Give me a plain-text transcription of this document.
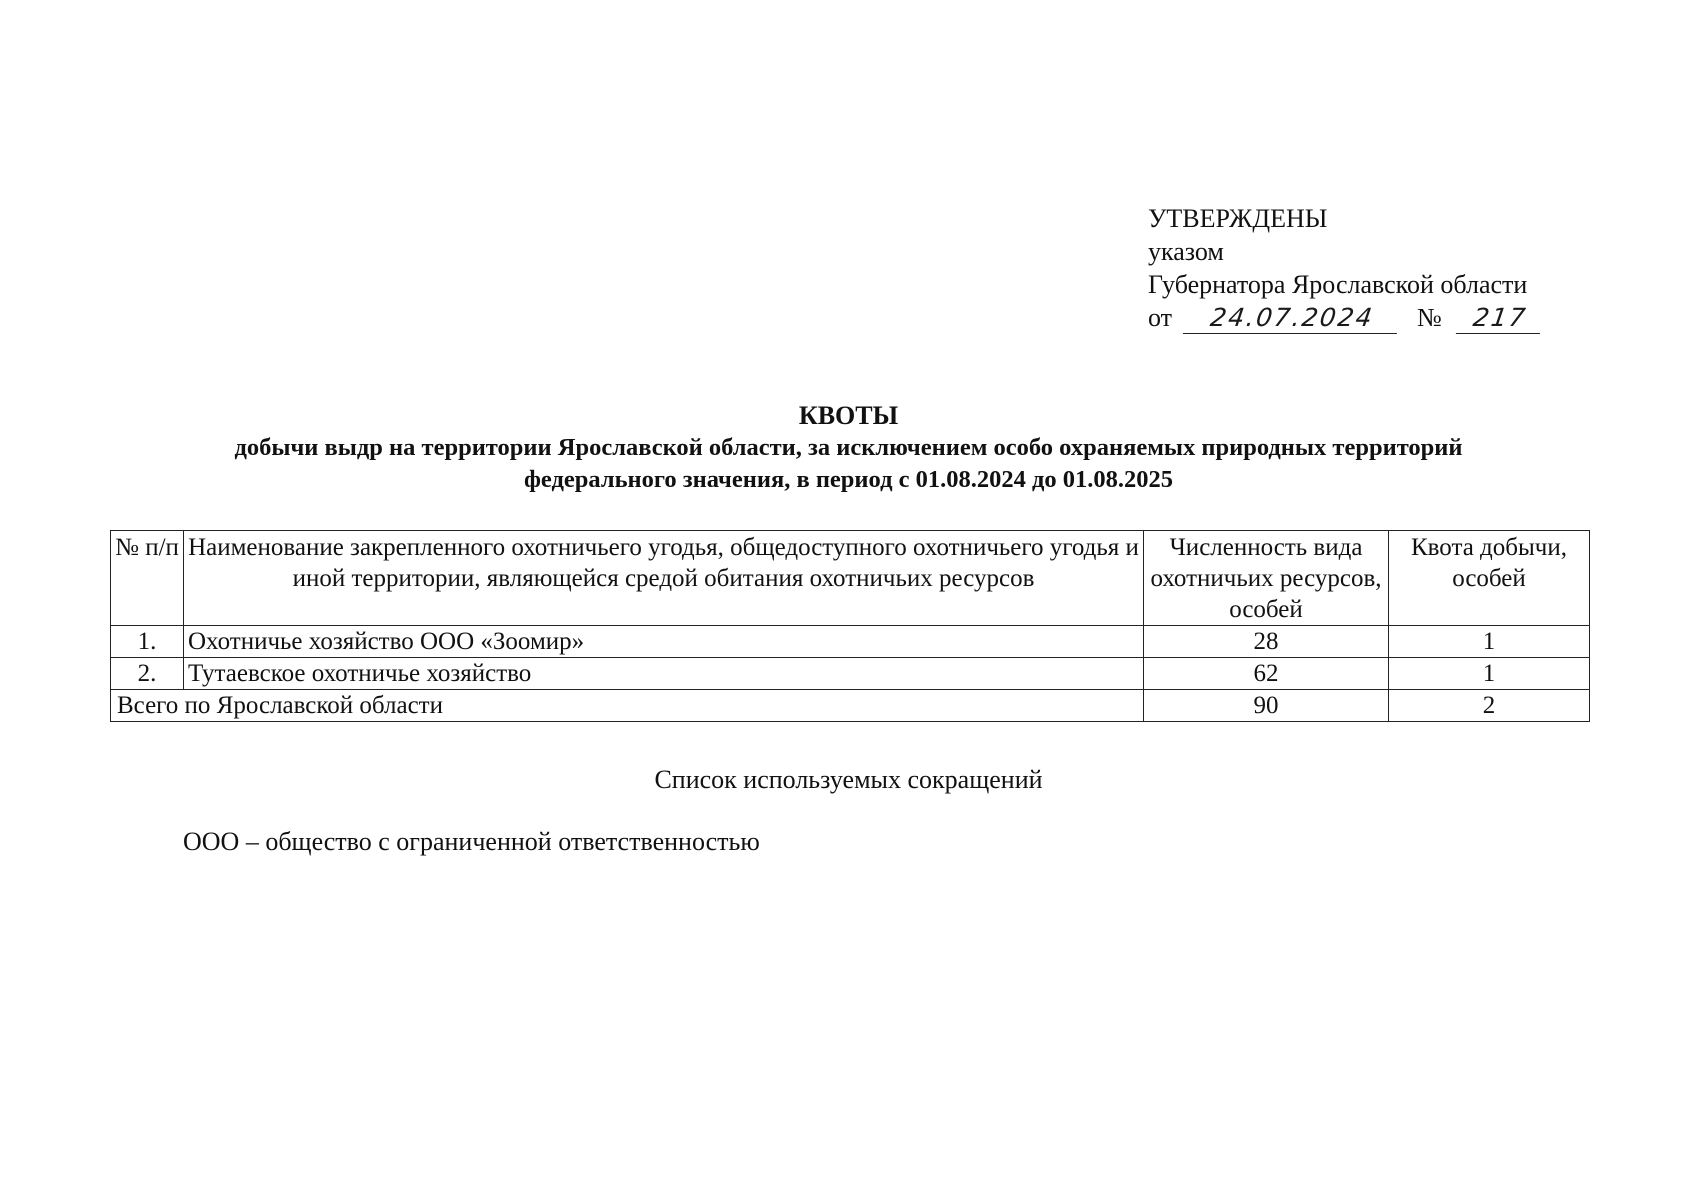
УТВЕРЖДЕНЫ
указом
Губернатора Ярославской области
от 24.07.2024 № 217
КВОТЫ
добычи выдр на территории Ярославской области, за исключением особо охраняемых природных территорий
федерального значения, в период с 01.08.2024 до 01.08.2025
№ п/п	Наименование закрепленного охотничьего угодья, общедоступного охотничьего угодья и иной территории, являющейся средой обитания охотничьих ресурсов	Численность вида охотничьих ресурсов, особей	Квота добычи, особей
1.	Охотничье хозяйство ООО «Зоомир»	28	1
2.	Тутаевское охотничье хозяйство	62	1
Всего по Ярославской области		90	2
Список используемых сокращений
ООО – общество с ограниченной ответственностью
